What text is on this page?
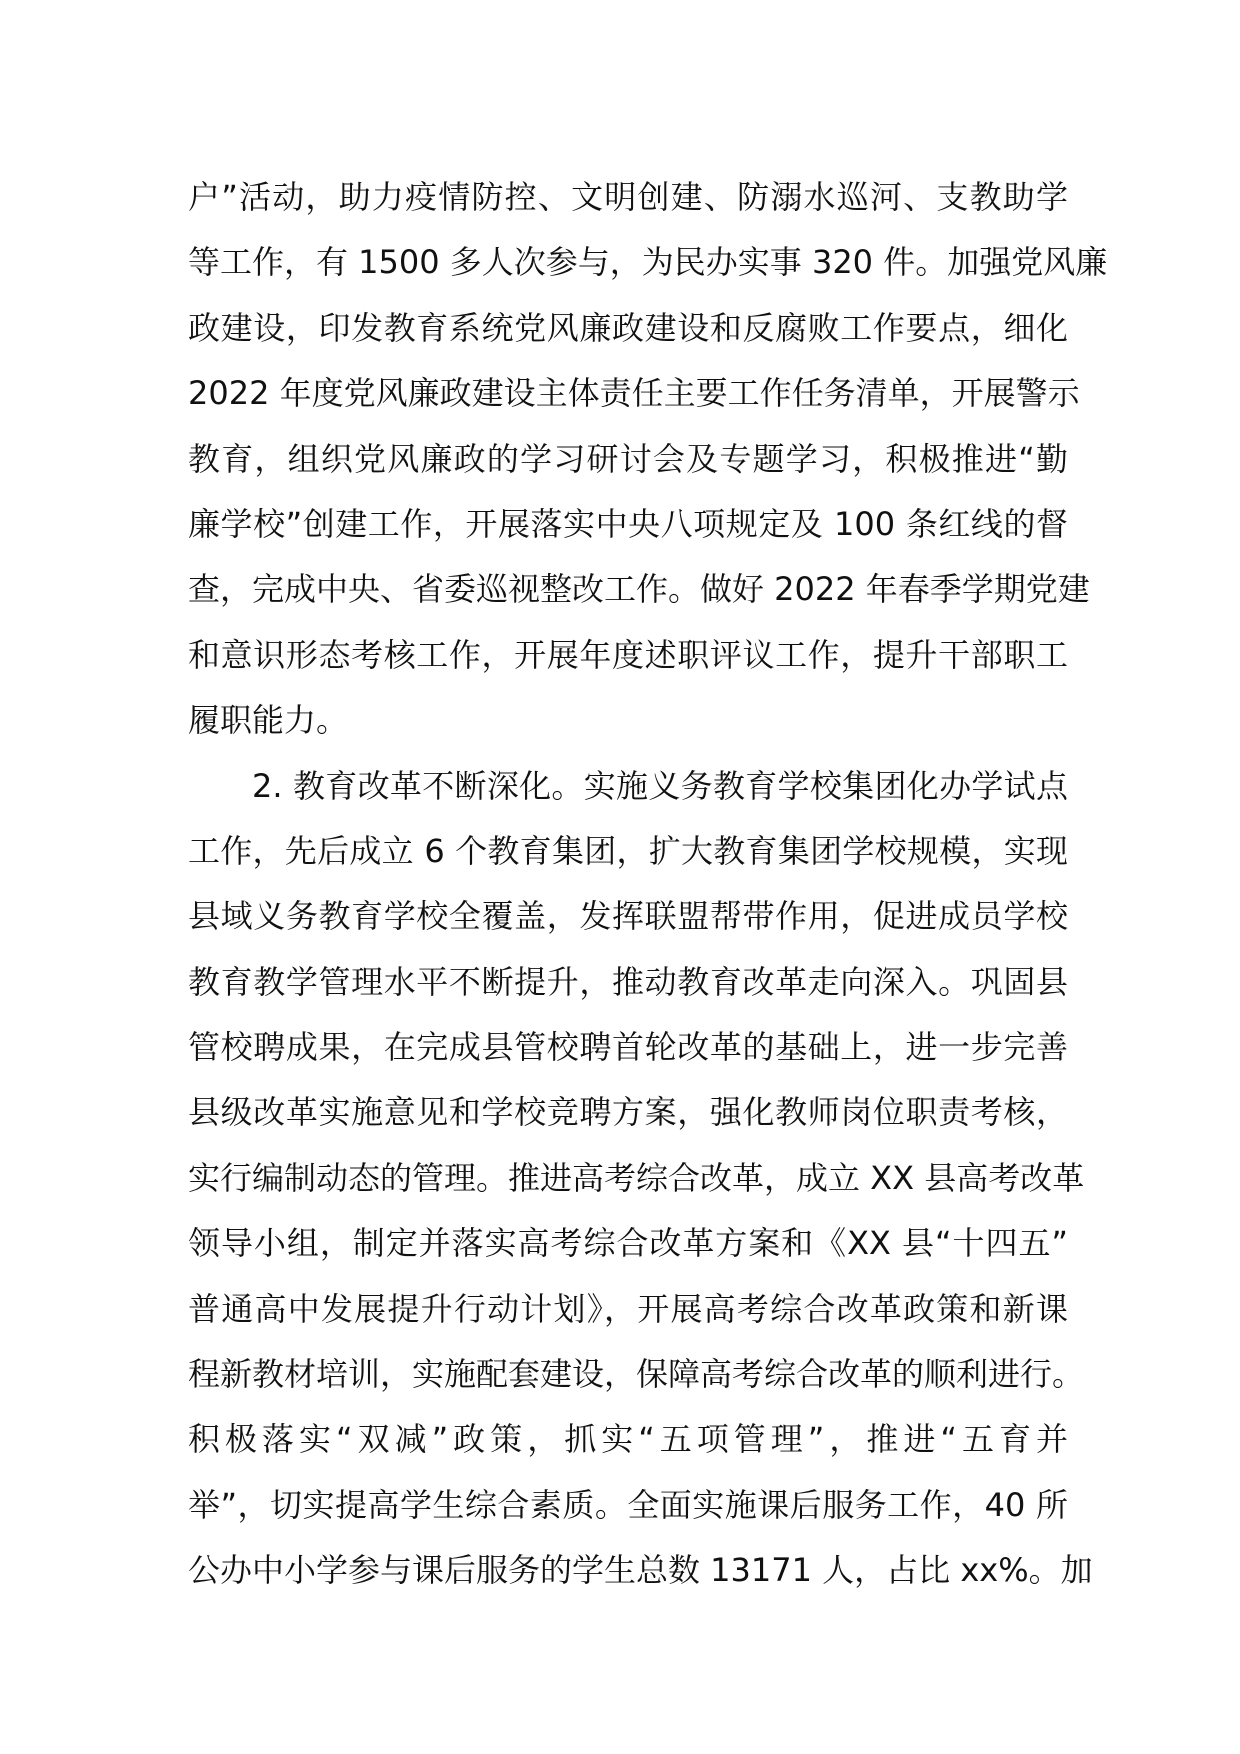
户”活动，助力疫情防控、文明创建、防溺水巡河、支教助学
等工作，有 1500 多人次参与，为民办实事 320 件。加强党风廉
政建设，印发教育系统党风廉政建设和反腐败工作要点，细化
2022 年度党风廉政建设主体责任主要工作任务清单，开展警示
教育，组织党风廉政的学习研讨会及专题学习，积极推进“勤
廉学校”创建工作，开展落实中央八项规定及 100 条红线的督
查，完成中央、省委巡视整改工作。做好 2022 年春季学期党建
和意识形态考核工作，开展年度述职评议工作，提升干部职工
履职能力。
2. 教育改革不断深化。实施义务教育学校集团化办学试点
工作，先后成立 6 个教育集团，扩大教育集团学校规模，实现
县域义务教育学校全覆盖，发挥联盟帮带作用，促进成员学校
教育教学管理水平不断提升，推动教育改革走向深入。巩固县
管校聘成果，在完成县管校聘首轮改革的基础上，进一步完善
县级改革实施意见和学校竞聘方案，强化教师岗位职责考核，
实行编制动态的管理。推进高考综合改革，成立 XX 县高考改革
领导小组，制定并落实高考综合改革方案和《XX 县“十四五”
普通高中发展提升行动计划》，开展高考综合改革政策和新课
程新教材培训，实施配套建设，保障高考综合改革的顺利进行。
积极落实“双减”政策，抓实“五项管理”，推进“五育并
举”，切实提高学生综合素质。全面实施课后服务工作，40 所
公办中小学参与课后服务的学生总数 13171 人，占比 xx%。加
